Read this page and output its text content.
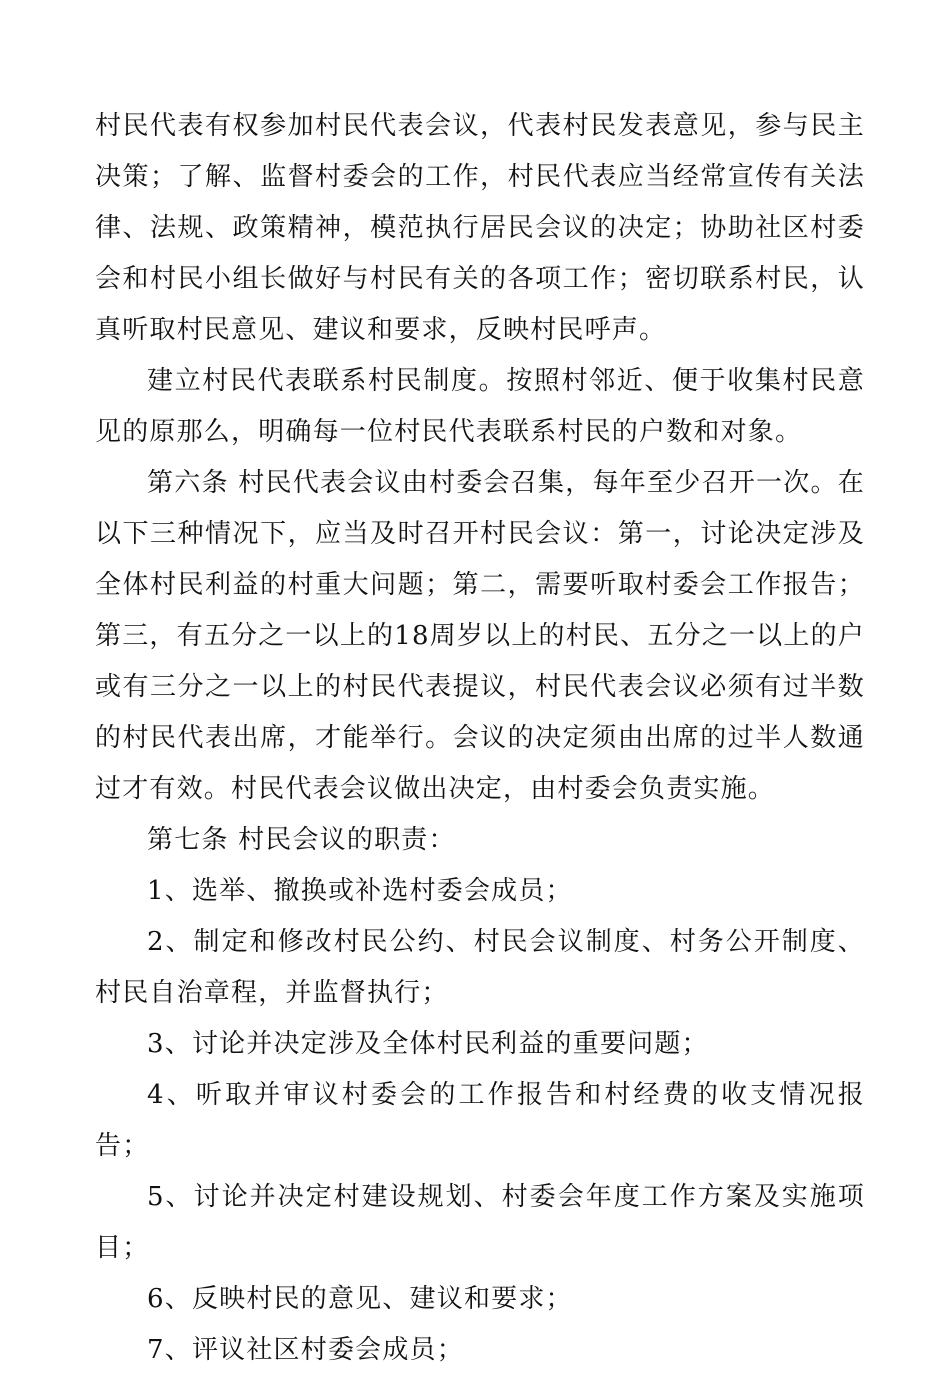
村民代表有权参加村民代表会议，代表村民发表意见，参与民主决策；了解、监督村委会的工作，村民代表应当经常宣传有关法律、法规、政策精神，模范执行居民会议的决定；协助社区村委会和村民小组长做好与村民有关的各项工作；密切联系村民，认真听取村民意见、建议和要求，反映村民呼声。

建立村民代表联系村民制度。按照村邻近、便于收集村民意见的原那么，明确每一位村民代表联系村民的户数和对象。

第六条 村民代表会议由村委会召集，每年至少召开一次。在以下三种情况下，应当及时召开村民会议：第一，讨论决定涉及全体村民利益的村重大问题；第二，需要听取村委会工作报告；第三，有五分之一以上的18周岁以上的村民、五分之一以上的户或有三分之一以上的村民代表提议，村民代表会议必须有过半数的村民代表出席，才能举行。会议的决定须由出席的过半人数通过才有效。村民代表会议做出决定，由村委会负责实施。

第七条 村民会议的职责：

1、选举、撤换或补选村委会成员；

2、制定和修改村民公约、村民会议制度、村务公开制度、村民自治章程，并监督执行；

3、讨论并决定涉及全体村民利益的重要问题；

4、听取并审议村委会的工作报告和村经费的收支情况报告；

5、讨论并决定村建设规划、村委会年度工作方案及实施项目；

6、反映村民的意见、建议和要求；

7、评议社区村委会成员；
